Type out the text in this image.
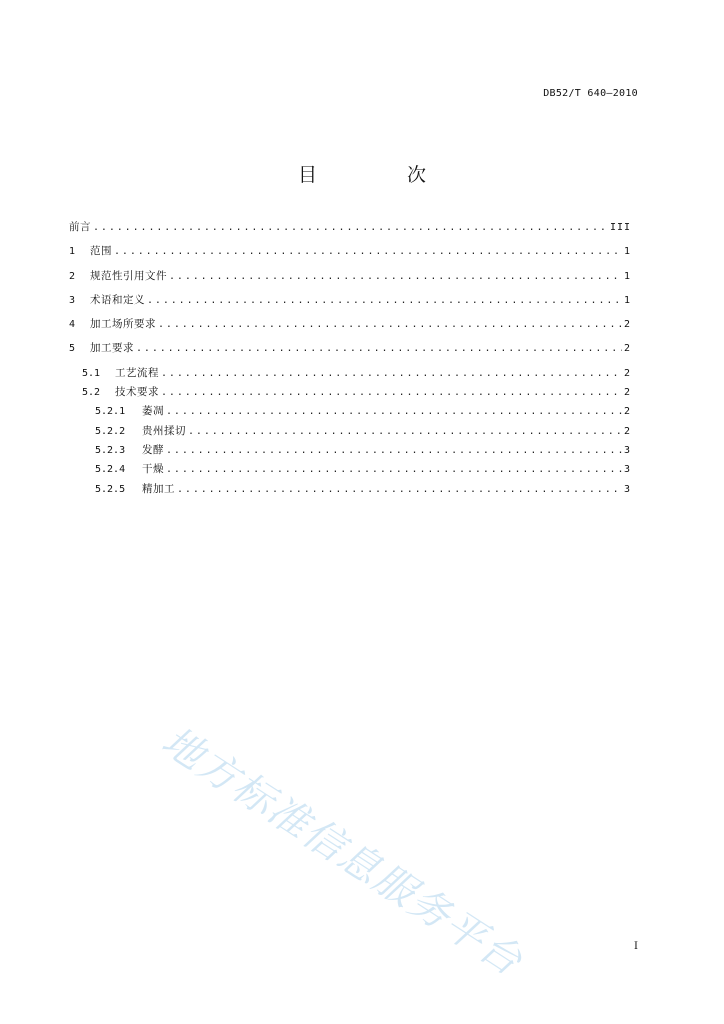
DB52/T 640—2010
目 次
前言 .....	III
1	范围 .....	1
2	规范性引用文件 .....	1
3	术语和定义 .....	1
4	加工场所要求 .....	2
5	加工要求 .....	2
5.1	工艺流程 .....	2
5.2	技术要求 .....	2
5.2.1	萎凋 .....	2
5.2.2	贵州揉切 .....	2
5.2.3	发酵 .....	3
5.2.4	干燥 .....	3
5.2.5	精加工 .....	3
地方标准信息服务平台	I
